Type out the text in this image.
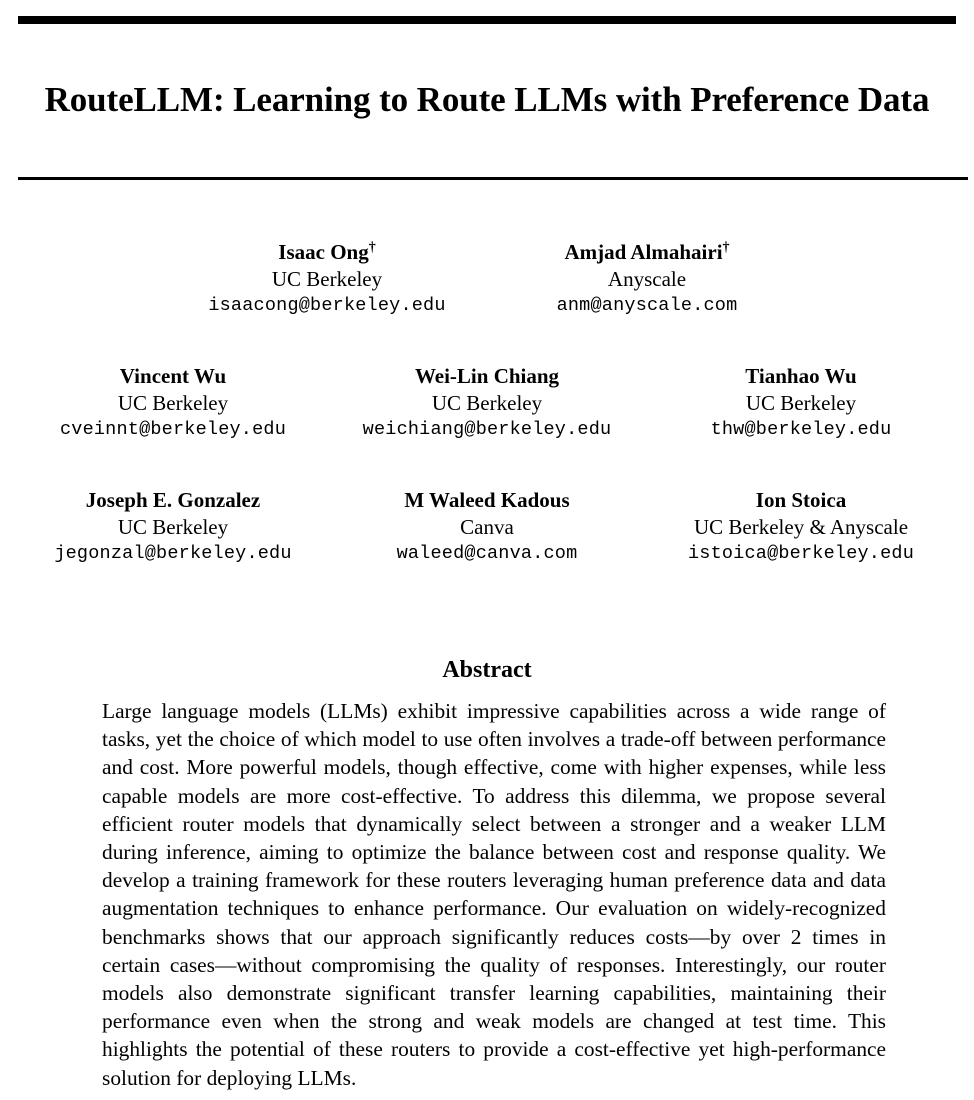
RouteLLM: Learning to Route LLMs with Preference Data
Isaac Ong†
UC Berkeley
isaacong@berkeley.edu
Amjad Almahairi†
Anyscale
anm@anyscale.com
Vincent Wu
UC Berkeley
cveinnt@berkeley.edu
Wei-Lin Chiang
UC Berkeley
weichiang@berkeley.edu
Tianhao Wu
UC Berkeley
thw@berkeley.edu
Joseph E. Gonzalez
UC Berkeley
jegonzal@berkeley.edu
M Waleed Kadous
Canva
waleed@canva.com
Ion Stoica
UC Berkeley & Anyscale
istoica@berkeley.edu
Abstract

Large language models (LLMs) exhibit impressive capabilities across a wide range of tasks, yet the choice of which model to use often involves a trade-off between performance and cost. More powerful models, though effective, come with higher expenses, while less capable models are more cost-effective. To address this dilemma, we propose several efficient router models that dynamically select between a stronger and a weaker LLM during inference, aiming to optimize the balance between cost and response quality. We develop a training framework for these routers leveraging human preference data and data augmentation techniques to enhance performance. Our evaluation on widely-recognized benchmarks shows that our approach significantly reduces costs—by over 2 times in certain cases—without compromising the quality of responses. Interestingly, our router models also demonstrate significant transfer learning capabilities, maintaining their performance even when the strong and weak models are changed at test time. This highlights the potential of these routers to provide a cost-effective yet high-performance solution for deploying LLMs.
